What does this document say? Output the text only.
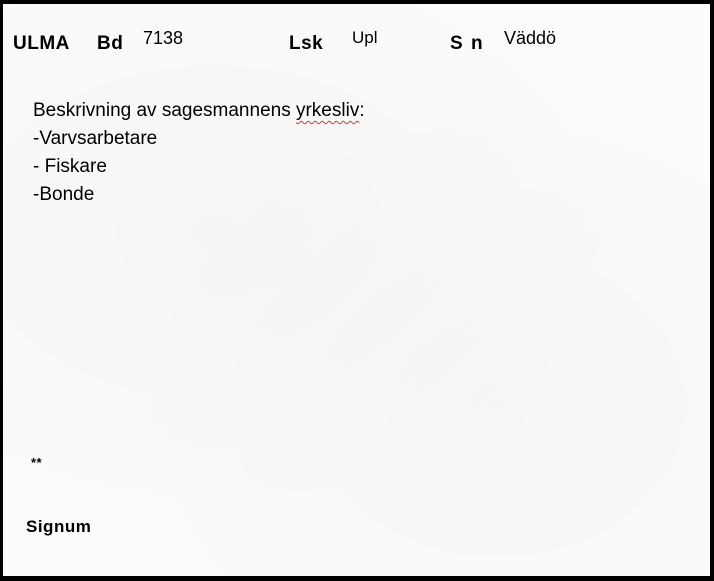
ULMA Bd 7138	Lsk Upl	S n Väddö
Beskrivning av sagesmannens yrkesliv:
-Varvsarbetare
- Fiskare
-Bonde
**
Signum
